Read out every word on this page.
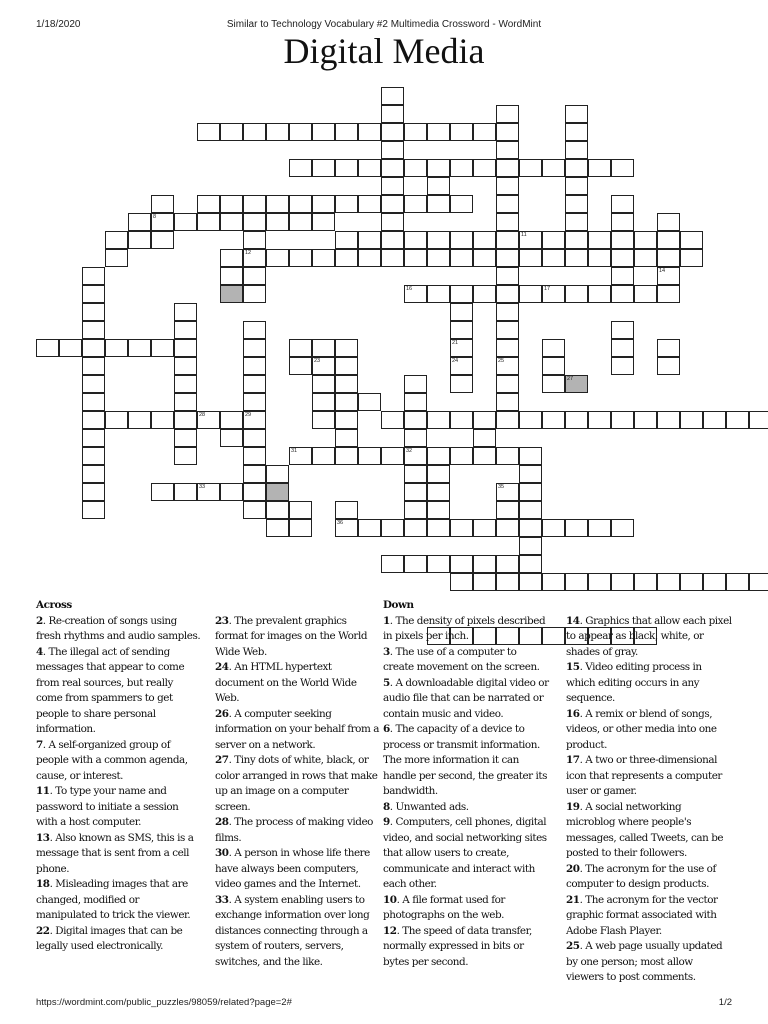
1/18/2020	Similar to Technology Vocabulary #2 Multimedia Crossword - WordMint
Digital Media
28	29
8
33
12
31	32
11
16	17
25
21
24
14
23
36
35
27
Across
2. Re-creation of songs using fresh rhythms and audio samples.
4. The illegal act of sending messages that appear to come from real sources, but really come from spammers to get people to share personal information.
7. A self-organized group of people with a common agenda, cause, or interest.
11. To type your name and password to initiate a session with a host computer.
13. Also known as SMS, this is a message that is sent from a cell phone.
18. Misleading images that are changed, modified or manipulated to trick the viewer.
22. Digital images that can be legally used electronically.

23. The prevalent graphics format for images on the World Wide Web.
24. An HTML hypertext document on the World Wide Web.
26. A computer seeking information on your behalf from a server on a network.
27. Tiny dots of white, black, or color arranged in rows that make up an image on a computer screen.
28. The process of making video films.
30. A person in whose life there have always been computers, video games and the Internet.
33. A system enabling users to exchange information over long distances connecting through a system of routers, servers, switches, and the like.
Down
1. The density of pixels described in pixels per inch.
3. The use of a computer to create movement on the screen.
5. A downloadable digital video or audio file that can be narrated or contain music and video.
6. The capacity of a device to process or transmit information. The more information it can handle per second, the greater its bandwidth.
8. Unwanted ads.
9. Computers, cell phones, digital video, and social networking sites that allow users to create, communicate and interact with each other.
10. A file format used for photographs on the web.
12. The speed of data transfer, normally expressed in bits or bytes per second.

14. Graphics that allow each pixel to appear as black, white, or shades of gray.
15. Video editing process in which editing occurs in any sequence.
16. A remix or blend of songs, videos, or other media into one product.
17. A two or three-dimensional icon that represents a computer user or gamer.
19. A social networking microblog where people's messages, called Tweets, can be posted to their followers.
20. The acronym for the use of computer to design products.
21. The acronym for the vector graphic format associated with Adobe Flash Player.
25. A web page usually updated by one person; most allow viewers to post comments.
https://wordmint.com/public_puzzles/98059/related?page=2#	1/2
